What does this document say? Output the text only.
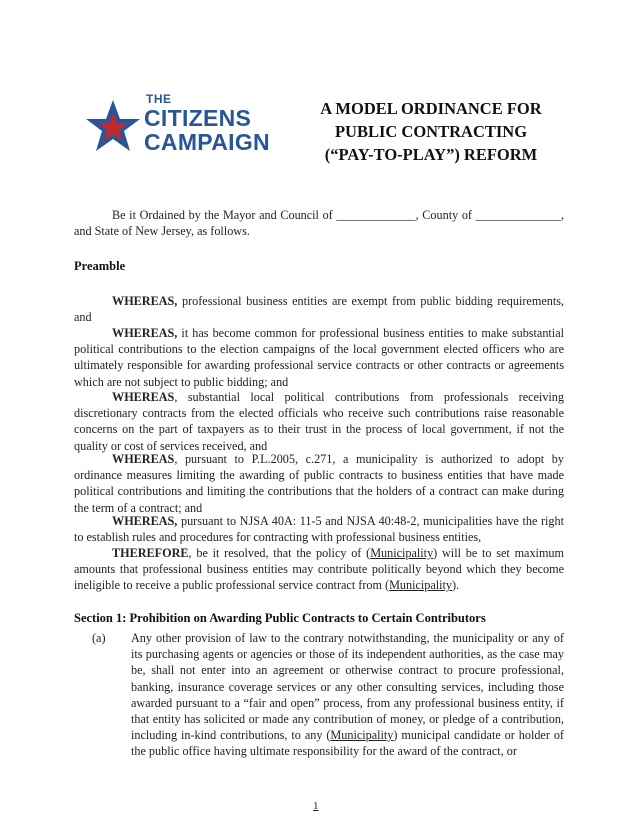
THE
CITIZENS
CAMPAIGN
A MODEL ORDINANCE FOR
PUBLIC CONTRACTING
(“PAY-TO-PLAY”) REFORM

Be it Ordained by the Mayor and Council of _____________, County of ______________, and State of New Jersey, as follows.

Preamble

WHEREAS, professional business entities are exempt from public bidding requirements, and

WHEREAS, it has become common for professional business entities to make substantial political contributions to the election campaigns of the local government elected officers who are ultimately responsible for awarding professional service contracts or other contracts or agreements which are not subject to public bidding; and

WHEREAS, substantial local political contributions from professionals receiving discretionary contracts from the elected officials who receive such contributions raise reasonable concerns on the part of taxpayers as to their trust in the process of local government, if not the quality or cost of services received, and

WHEREAS, pursuant to P.L.2005, c.271, a municipality is authorized to adopt by ordinance measures limiting the awarding of public contracts to business entities that have made political contributions and limiting the contributions that the holders of a contract can make during the term of a contract; and

WHEREAS, pursuant to NJSA 40A: 11-5 and NJSA 40:48-2, municipalities have the right to establish rules and procedures for contracting with professional business entities,

THEREFORE, be it resolved, that the policy of (Municipality) will be to set maximum amounts that professional business entities may contribute politically beyond which they become ineligible to receive a public professional service contract from (Municipality).

Section 1: Prohibition on Awarding Public Contracts to Certain Contributors
(a) Any other provision of law to the contrary notwithstanding, the municipality or any of its purchasing agents or agencies or those of its independent authorities, as the case may be, shall not enter into an agreement or otherwise contract to procure professional, banking, insurance coverage services or any other consulting services, including those awarded pursuant to a “fair and open” process, from any professional business entity, if that entity has solicited or made any contribution of money, or pledge of a contribution, including in-kind contributions, to any (Municipality) municipal candidate or holder of the public office having ultimate responsibility for the award of the contract, or

1
